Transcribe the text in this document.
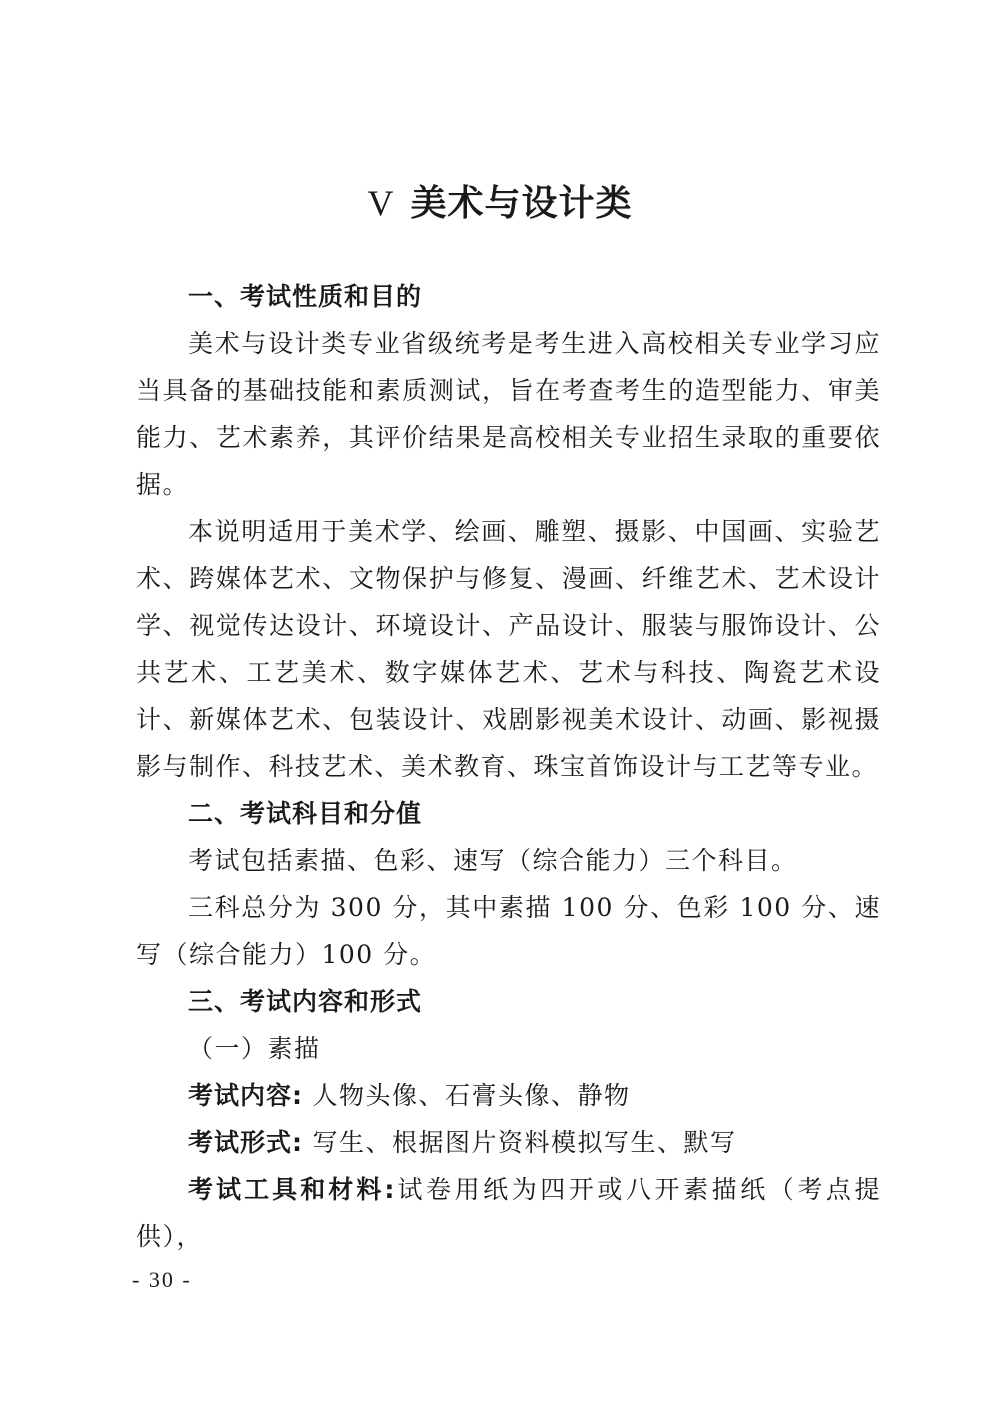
V 美术与设计类

一、考试性质和目的

美术与设计类专业省级统考是考生进入高校相关专业学习应当具备的基础技能和素质测试，旨在考查考生的造型能力、审美能力、艺术素养，其评价结果是高校相关专业招生录取的重要依据。

本说明适用于美术学、绘画、雕塑、摄影、中国画、实验艺术、跨媒体艺术、文物保护与修复、漫画、纤维艺术、艺术设计学、视觉传达设计、环境设计、产品设计、服装与服饰设计、公共艺术、工艺美术、数字媒体艺术、艺术与科技、陶瓷艺术设计、新媒体艺术、包装设计、戏剧影视美术设计、动画、影视摄影与制作、科技艺术、美术教育、珠宝首饰设计与工艺等专业。

二、考试科目和分值

考试包括素描、色彩、速写（综合能力）三个科目。

三科总分为 300 分，其中素描 100 分、色彩 100 分、速写（综合能力）100 分。

三、考试内容和形式

（一）素描

考试内容: 人物头像、石膏头像、静物

考试形式: 写生、根据图片资料模拟写生、默写

考试工具和材料:试卷用纸为四开或八开素描纸（考点提供），

- 30 -
